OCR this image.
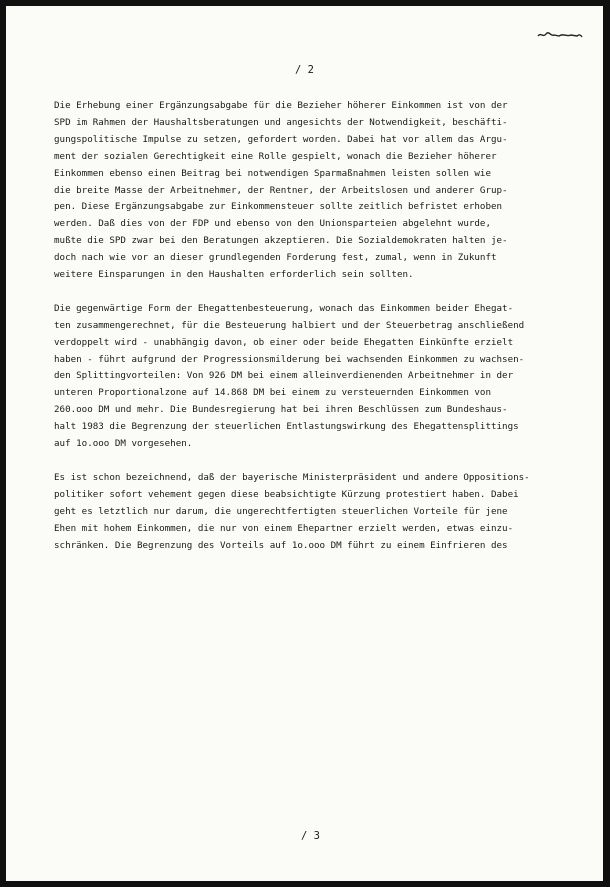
/ 2
Die Erhebung einer Ergänzungsabgabe für die Bezieher höherer Einkommen ist von der
SPD im Rahmen der Haushaltsberatungen und angesichts der Notwendigkeit, beschäfti-
gungspolitische Impulse zu setzen, gefordert worden. Dabei hat vor allem das Argu-
ment der sozialen Gerechtigkeit eine Rolle gespielt, wonach die Bezieher höherer
Einkommen ebenso einen Beitrag bei notwendigen Sparmaßnahmen leisten sollen wie
die breite Masse der Arbeitnehmer, der Rentner, der Arbeitslosen und anderer Grup-
pen. Diese Ergänzungsabgabe zur Einkommensteuer sollte zeitlich befristet erhoben
werden. Daß dies von der FDP und ebenso von den Unionsparteien abgelehnt wurde,
mußte die SPD zwar bei den Beratungen akzeptieren. Die Sozialdemokraten halten je-
doch nach wie vor an dieser grundlegenden Forderung fest, zumal, wenn in Zukunft
weitere Einsparungen in den Haushalten erforderlich sein sollten.
Die gegenwärtige Form der Ehegattenbesteuerung, wonach das Einkommen beider Ehegat-
ten zusammengerechnet, für die Besteuerung halbiert und der Steuerbetrag anschließend
verdoppelt wird - unabhängig davon, ob einer oder beide Ehegatten Einkünfte erzielt
haben - führt aufgrund der Progressionsmilderung bei wachsenden Einkommen zu wachsen-
den Splittingvorteilen: Von 926 DM bei einem alleinverdienenden Arbeitnehmer in der
unteren Proportionalzone auf 14.868 DM bei einem zu versteuernden Einkommen von
260.ooo DM und mehr. Die Bundesregierung hat bei ihren Beschlüssen zum Bundeshaus-
halt 1983 die Begrenzung der steuerlichen Entlastungswirkung des Ehegattensplittings
auf 1o.ooo DM vorgesehen.
Es ist schon bezeichnend, daß der bayerische Ministerpräsident und andere Oppositions-
politiker sofort vehement gegen diese beabsichtigte Kürzung protestiert haben. Dabei
geht es letztlich nur darum, die ungerechtfertigten steuerlichen Vorteile für jene
Ehen mit hohem Einkommen, die nur von einem Ehepartner erzielt werden, etwas einzu-
schränken. Die Begrenzung des Vorteils auf 1o.ooo DM führt zu einem Einfrieren des
/ 3
